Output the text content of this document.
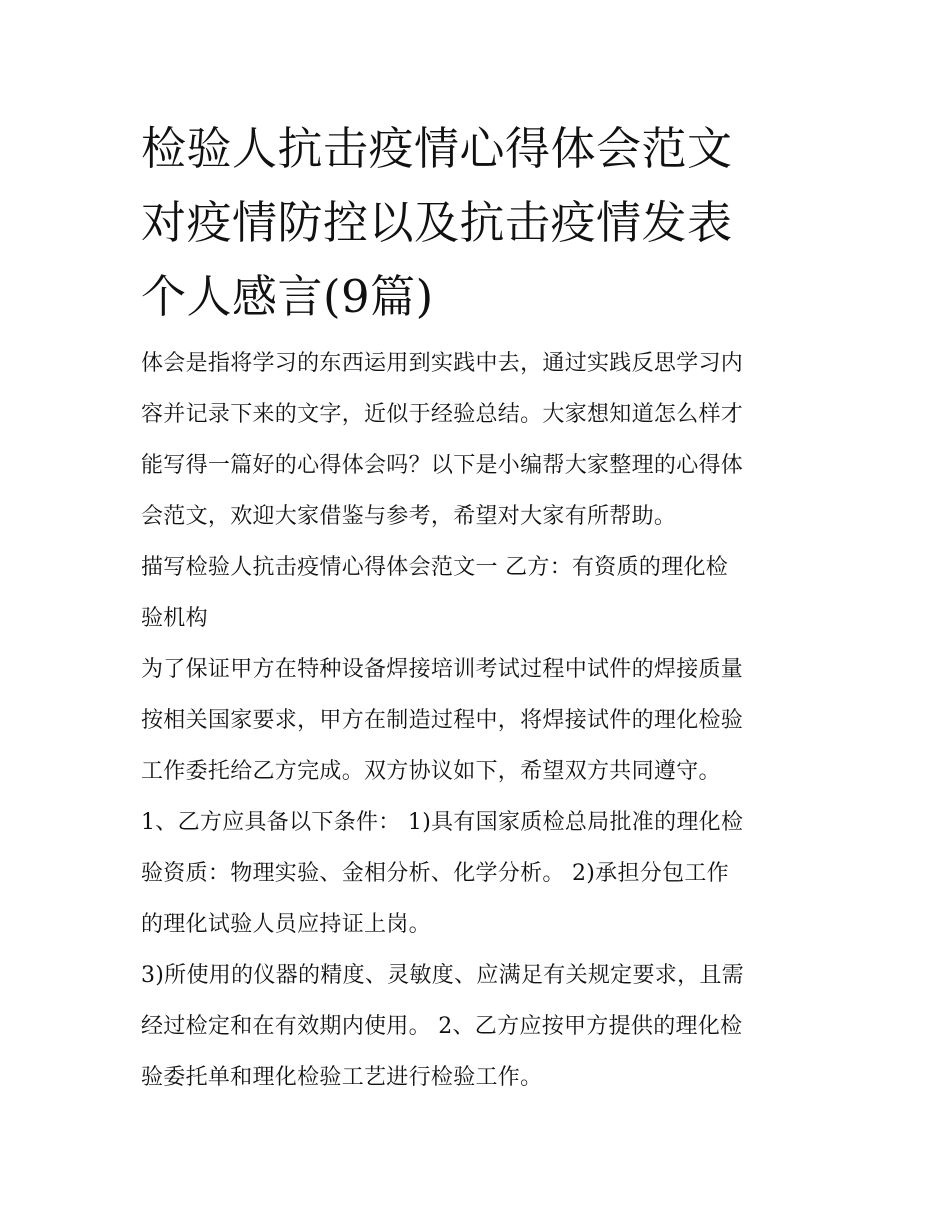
检验人抗击疫情心得体会范文
对疫情防控以及抗击疫情发表
个人感言(9篇)

体会是指将学习的东西运用到实践中去，通过实践反思学习内
容并记录下来的文字，近似于经验总结。大家想知道怎么样才
能写得一篇好的心得体会吗？以下是小编帮大家整理的心得体
会范文，欢迎大家借鉴与参考，希望对大家有所帮助。

描写检验人抗击疫情心得体会范文一 乙方：有资质的理化检
验机构

为了保证甲方在特种设备焊接培训考试过程中试件的焊接质量
按相关国家要求，甲方在制造过程中，将焊接试件的理化检验
工作委托给乙方完成。双方协议如下，希望双方共同遵守。

1、乙方应具备以下条件： 1)具有国家质检总局批准的理化检
验资质：物理实验、金相分析、化学分析。 2)承担分包工作
的理化试验人员应持证上岗。

3)所使用的仪器的精度、灵敏度、应满足有关规定要求，且需
经过检定和在有效期内使用。 2、乙方应按甲方提供的理化检
验委托单和理化检验工艺进行检验工作。
